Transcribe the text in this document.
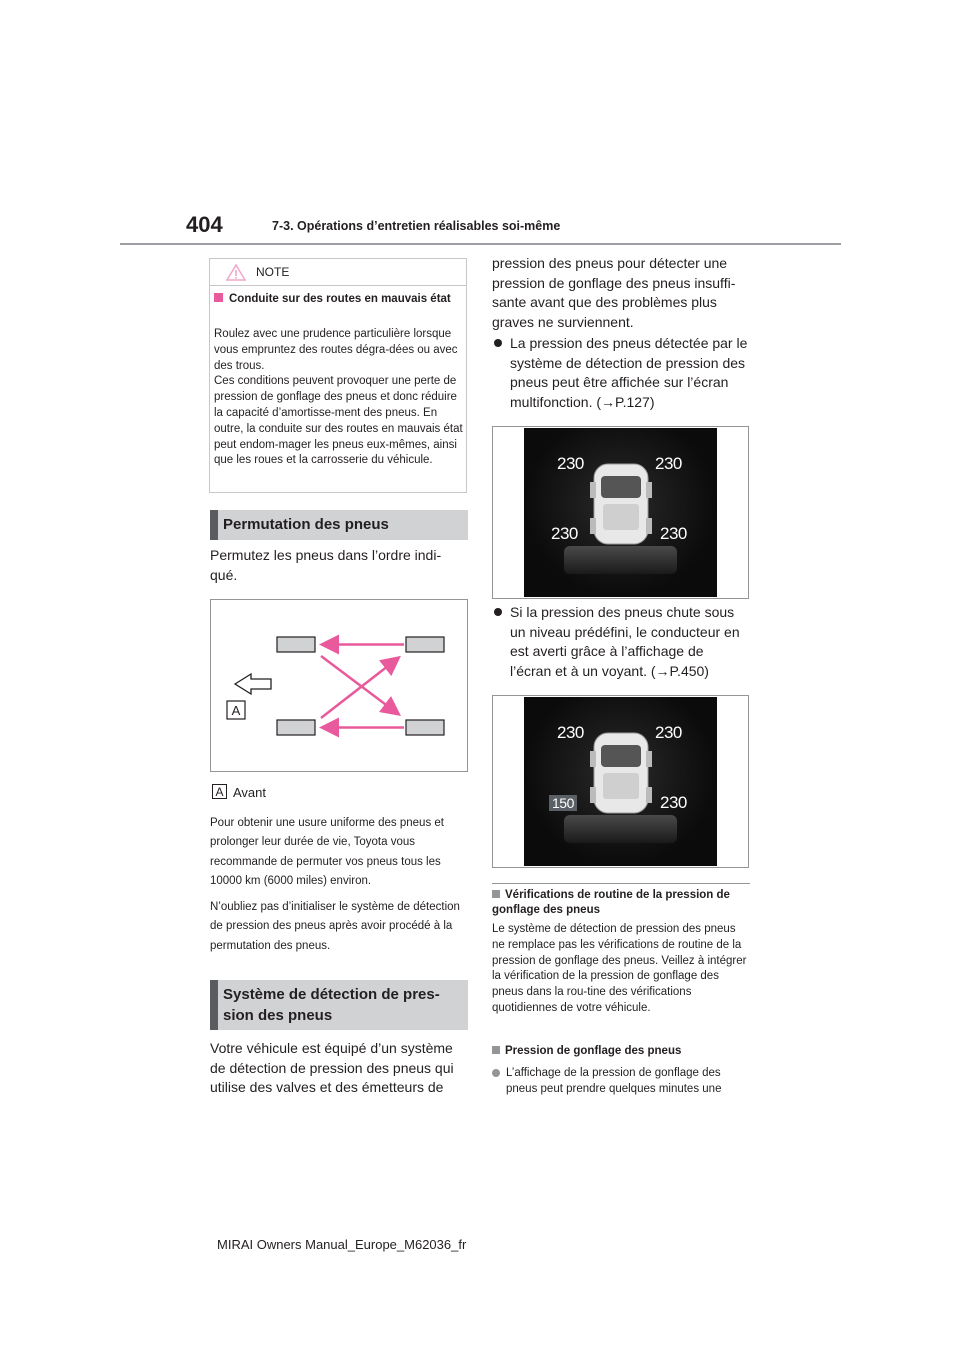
404	7-3. Opérations d’entretien réalisables soi-même
NOTE
Conduite sur des routes en mauvais état
Roulez avec une prudence particulière lorsque vous empruntez des routes dégra-dées ou avec des trous.
Ces conditions peuvent provoquer une perte de pression de gonflage des pneus et donc réduire la capacité d’amortisse-ment des pneus. En outre, la conduite sur des routes en mauvais état peut endom-mager les pneus eux-mêmes, ainsi que les roues et la carrosserie du véhicule.
Permutation des pneus
Permutez les pneus dans l’ordre indi-qué.
A
A Avant
Pour obtenir une usure uniforme des pneus et prolonger leur durée de vie, Toyota vous recommande de permuter vos pneus tous les 10000 km (6000 miles) environ.
N’oubliez pas d’initialiser le système de détection de pression des pneus après avoir procédé à la permutation des pneus.
Système de détection de pres-sion des pneus
Votre véhicule est équipé d’un système de détection de pression des pneus qui utilise des valves et des émetteurs de
pression des pneus pour détecter une pression de gonflage des pneus insuffi-sante avant que des problèmes plus graves ne surviennent.
La pression des pneus détectée par le système de détection de pression des pneus peut être affichée sur l’écran multifonction. (→P.127)
230	230
230	230
Si la pression des pneus chute sous un niveau prédéfini, le conducteur en est averti grâce à l’affichage de l’écran et à un voyant. (→P.450)
230	230
150	230
Vérifications de routine de la pression de gonflage des pneus
Le système de détection de pression des pneus ne remplace pas les vérifications de routine de la pression de gonflage des pneus. Veillez à intégrer la vérification de la pression de gonflage des pneus dans la rou-tine des vérifications quotidiennes de votre véhicule.
Pression de gonflage des pneus
L’affichage de la pression de gonflage des pneus peut prendre quelques minutes une
MIRAI Owners Manual_Europe_M62036_fr
